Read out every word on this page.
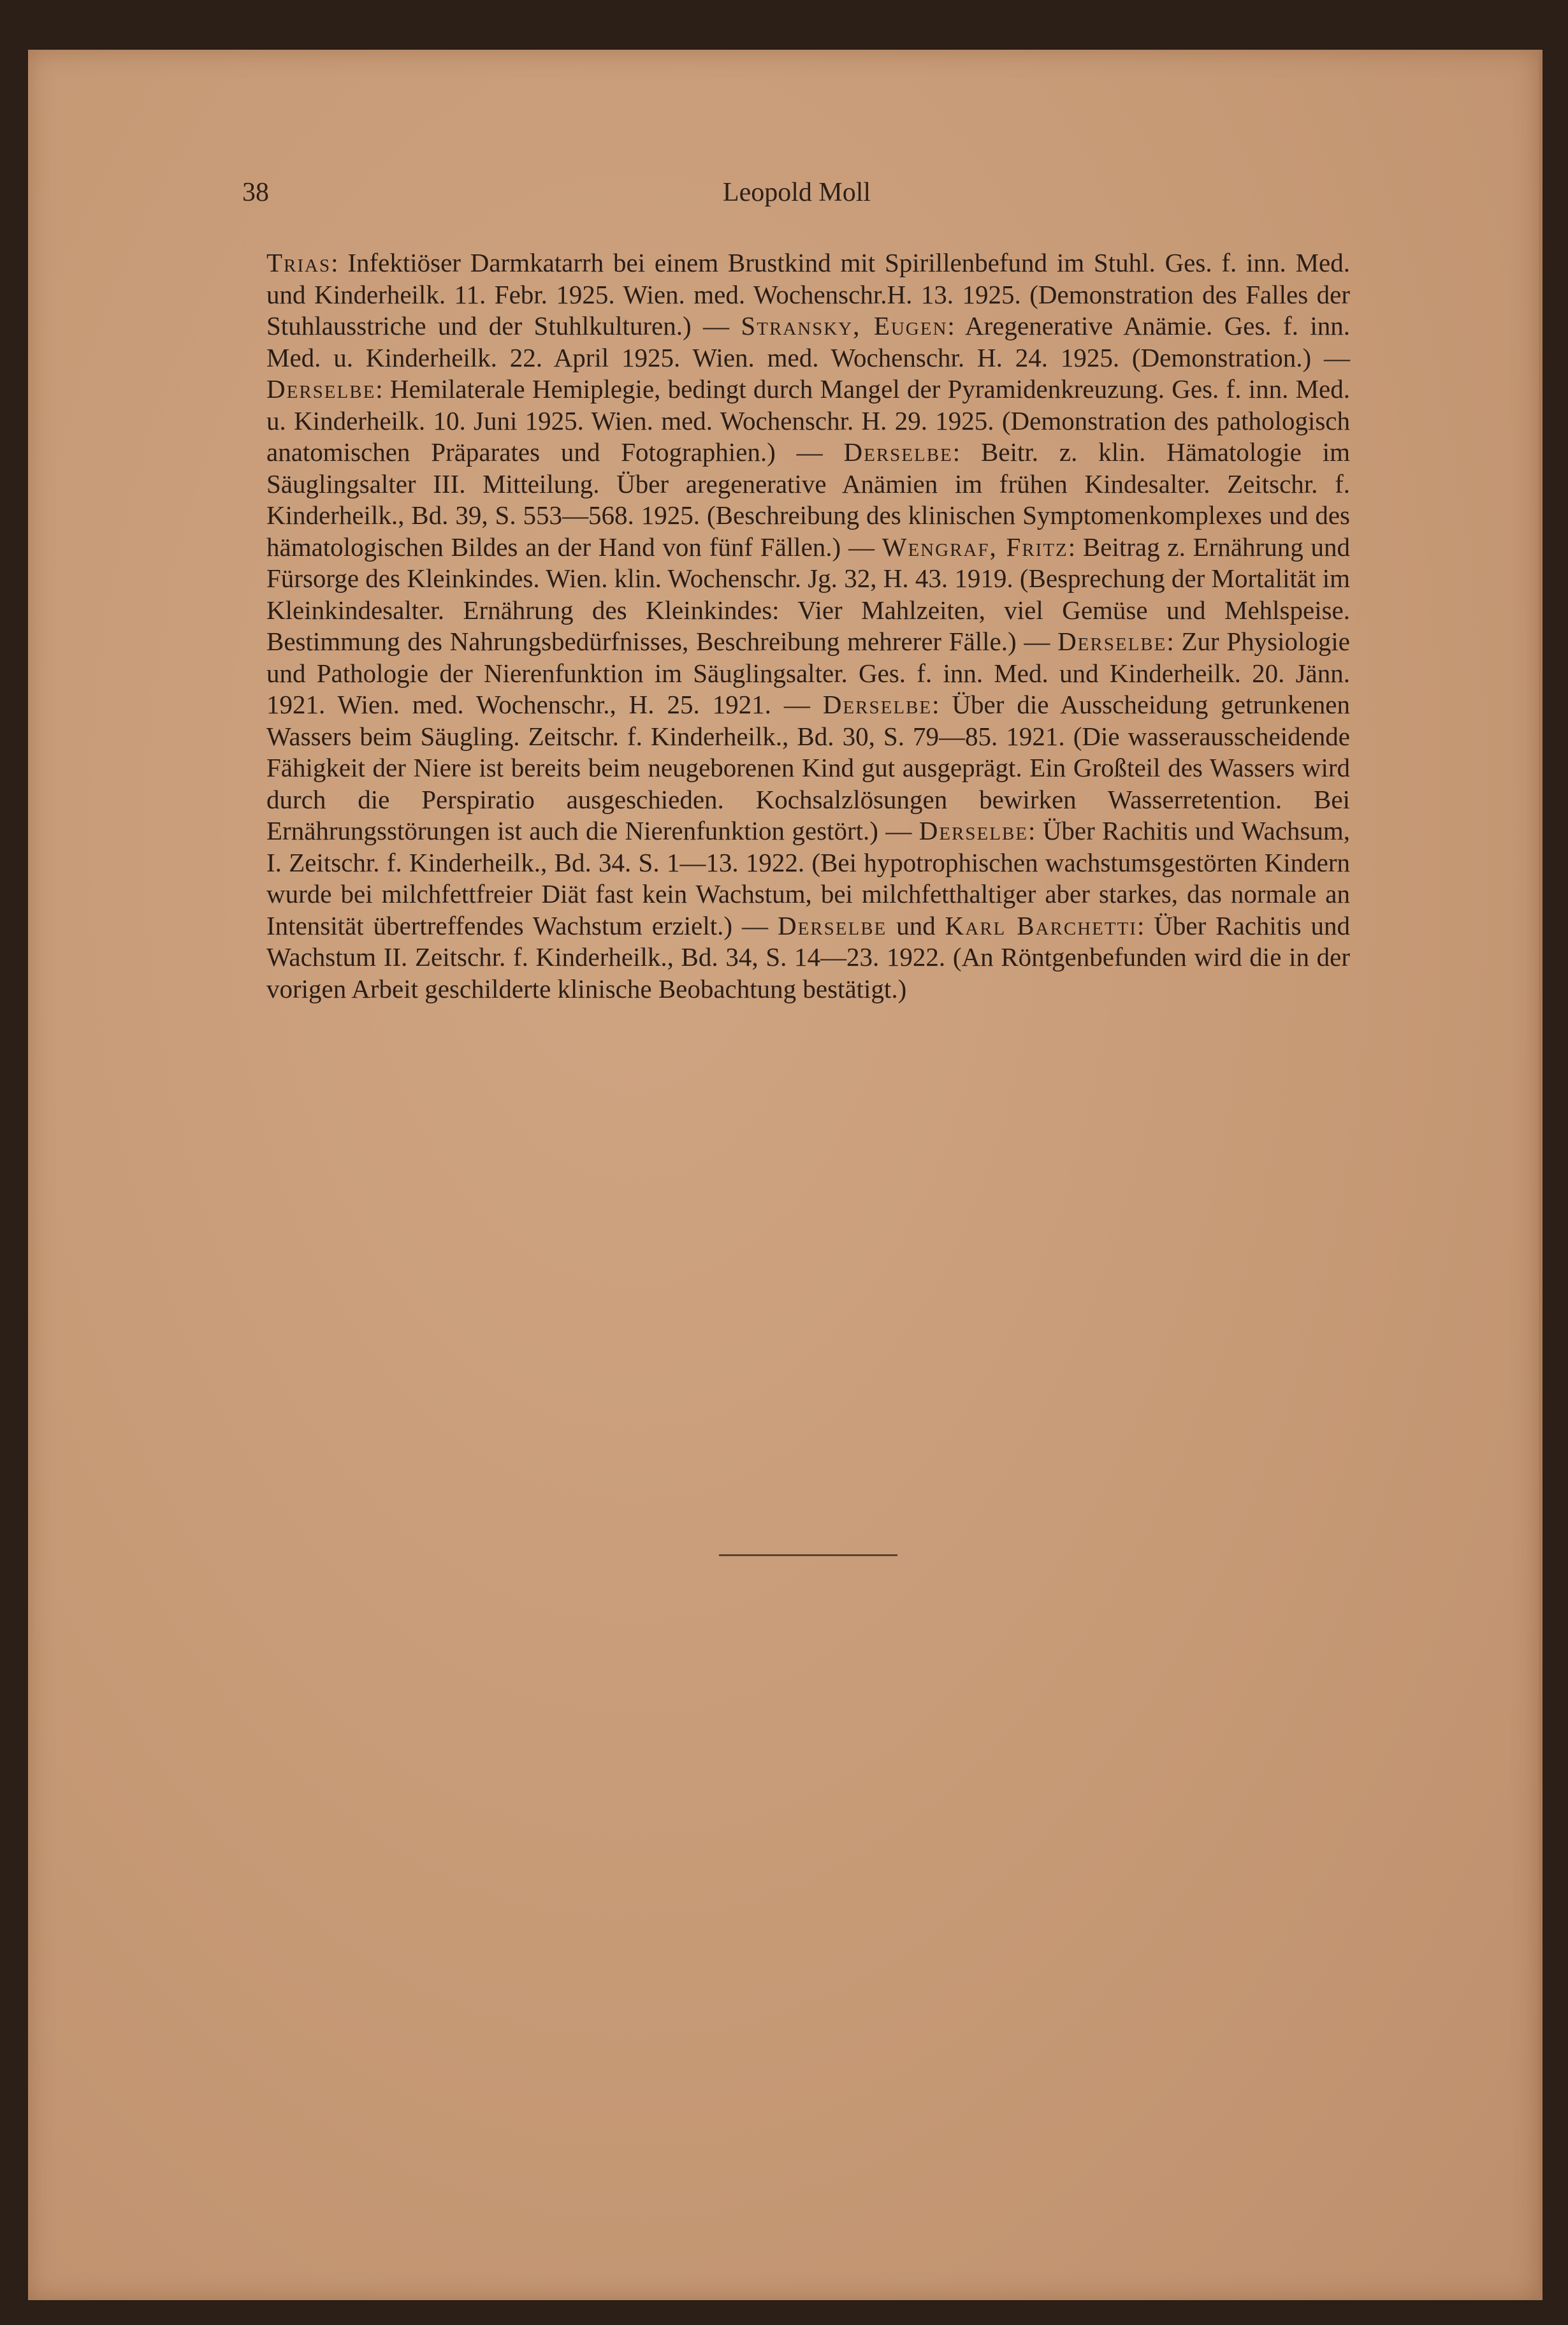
38	Leopold Moll
Trias: Infektiöser Darmkatarrh bei einem Brustkind mit Spirillenbefund im Stuhl. Ges. f. inn. Med. und Kinderheilk. 11. Febr. 1925. Wien. med. Wochenschr.H. 13. 1925. (Demonstration des Falles der Stuhlausstriche und der Stuhlkulturen.) — Stransky, Eugen: Aregenerative Anämie. Ges. f. inn. Med. u. Kinderheilk. 22. April 1925. Wien. med. Wochenschr. H. 24. 1925. (Demonstration.) — Derselbe: Hemilaterale Hemiplegie, bedingt durch Mangel der Pyramidenkreuzung. Ges. f. inn. Med. u. Kinderheilk. 10. Juni 1925. Wien. med. Wochenschr. H. 29. 1925. (Demonstration des pathologisch anatomischen Präparates und Fotographien.) — Derselbe: Beitr. z. klin. Hämatologie im Säuglingsalter III. Mitteilung. Über aregenerative Anämien im frühen Kindesalter. Zeitschr. f. Kinderheilk., Bd. 39, S. 553—568. 1925. (Beschreibung des klinischen Symptomenkomplexes und des hämatologischen Bildes an der Hand von fünf Fällen.) — Wengraf, Fritz: Beitrag z. Ernährung und Fürsorge des Kleinkindes. Wien. klin. Wochenschr. Jg. 32, H. 43. 1919. (Besprechung der Mortalität im Kleinkindesalter. Ernährung des Kleinkindes: Vier Mahlzeiten, viel Gemüse und Mehlspeise. Bestimmung des Nahrungsbedürfnisses, Beschreibung mehrerer Fälle.) — Derselbe: Zur Physiologie und Pathologie der Nierenfunktion im Säuglingsalter. Ges. f. inn. Med. und Kinderheilk. 20. Jänn. 1921. Wien. med. Wochenschr., H. 25. 1921. — Derselbe: Über die Ausscheidung getrunkenen Wassers beim Säugling. Zeitschr. f. Kinderheilk., Bd. 30, S. 79—85. 1921. (Die wasserausscheidende Fähigkeit der Niere ist bereits beim neugeborenen Kind gut ausgeprägt. Ein Großteil des Wassers wird durch die Perspiratio ausgeschieden. Kochsalzlösungen bewirken Wasserretention. Bei Ernährungsstörungen ist auch die Nierenfunktion gestört.) — Derselbe: Über Rachitis und Wachsum, I. Zeitschr. f. Kinderheilk., Bd. 34. S. 1—13. 1922. (Bei hypotrophischen wachstumsgestörten Kindern wurde bei milchfettfreier Diät fast kein Wachstum, bei milchfetthaltiger aber starkes, das normale an Intensität übertreffendes Wachstum erzielt.) — Derselbe und Karl Barchetti: Über Rachitis und Wachstum II. Zeitschr. f. Kinderheilk., Bd. 34, S. 14—23. 1922. (An Röntgenbefunden wird die in der vorigen Arbeit geschilderte klinische Beobachtung bestätigt.)
